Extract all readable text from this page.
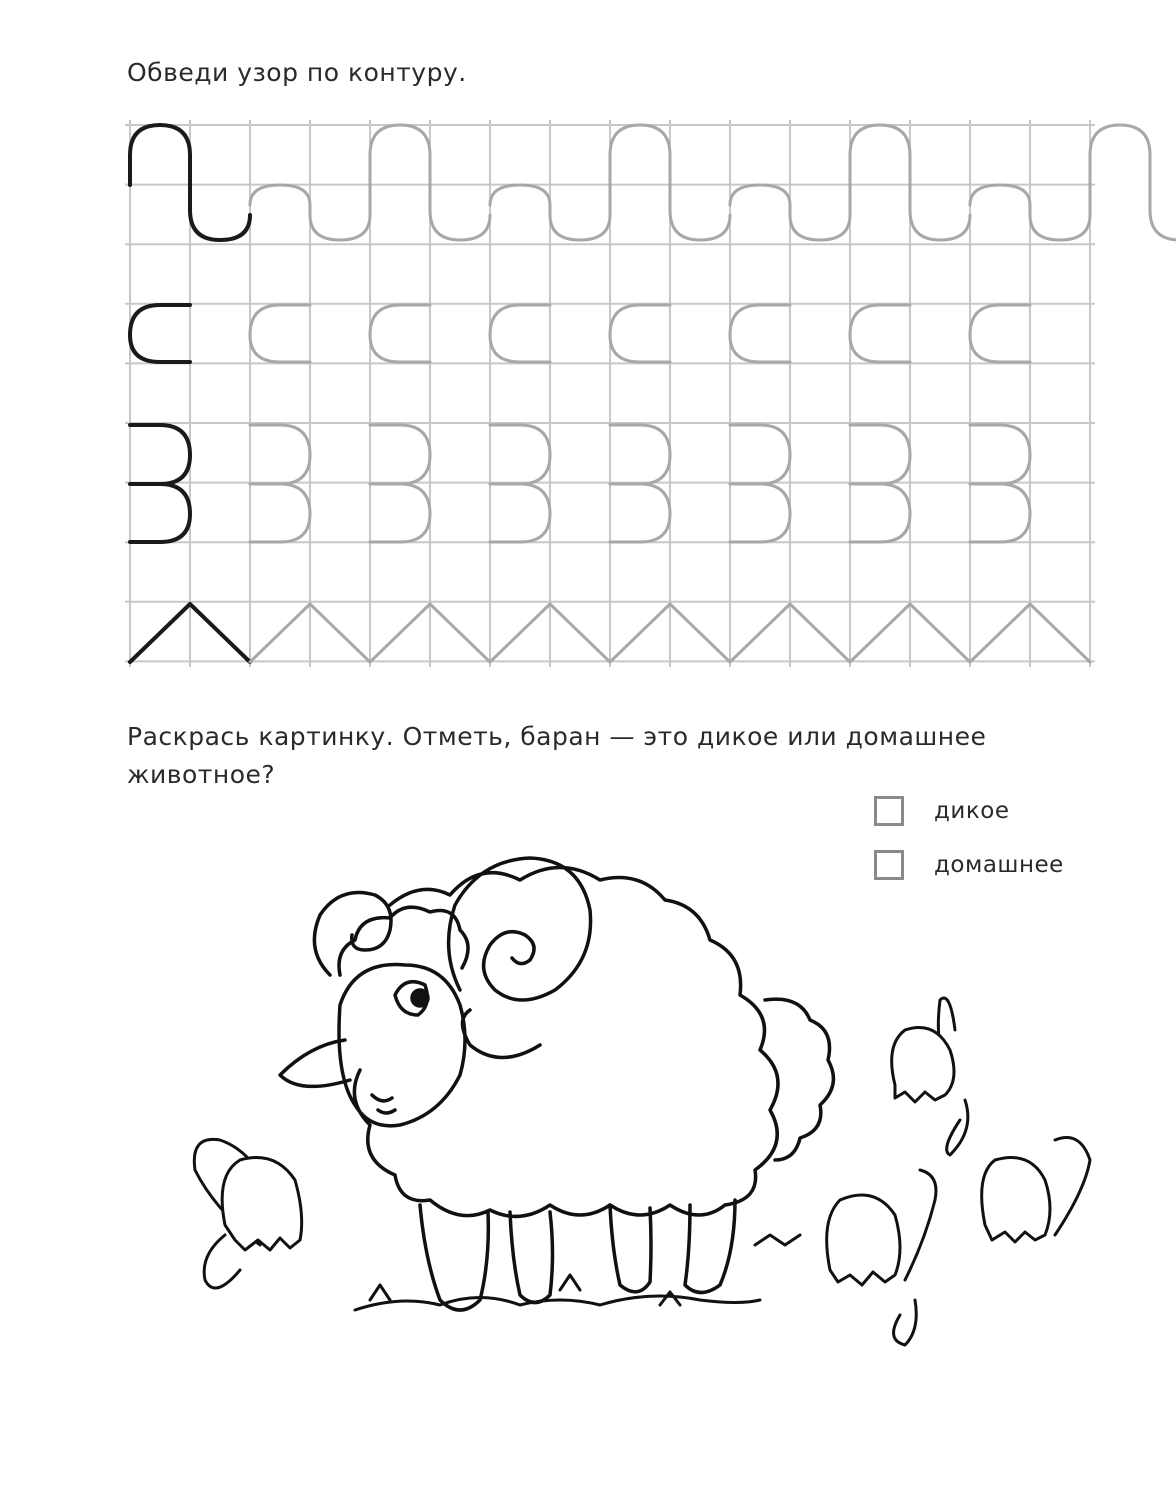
Обведи узор по контуру.
Раскрась картинку. Отметь, баран — это дикое или домашнее животное?
дикое
домашнее
